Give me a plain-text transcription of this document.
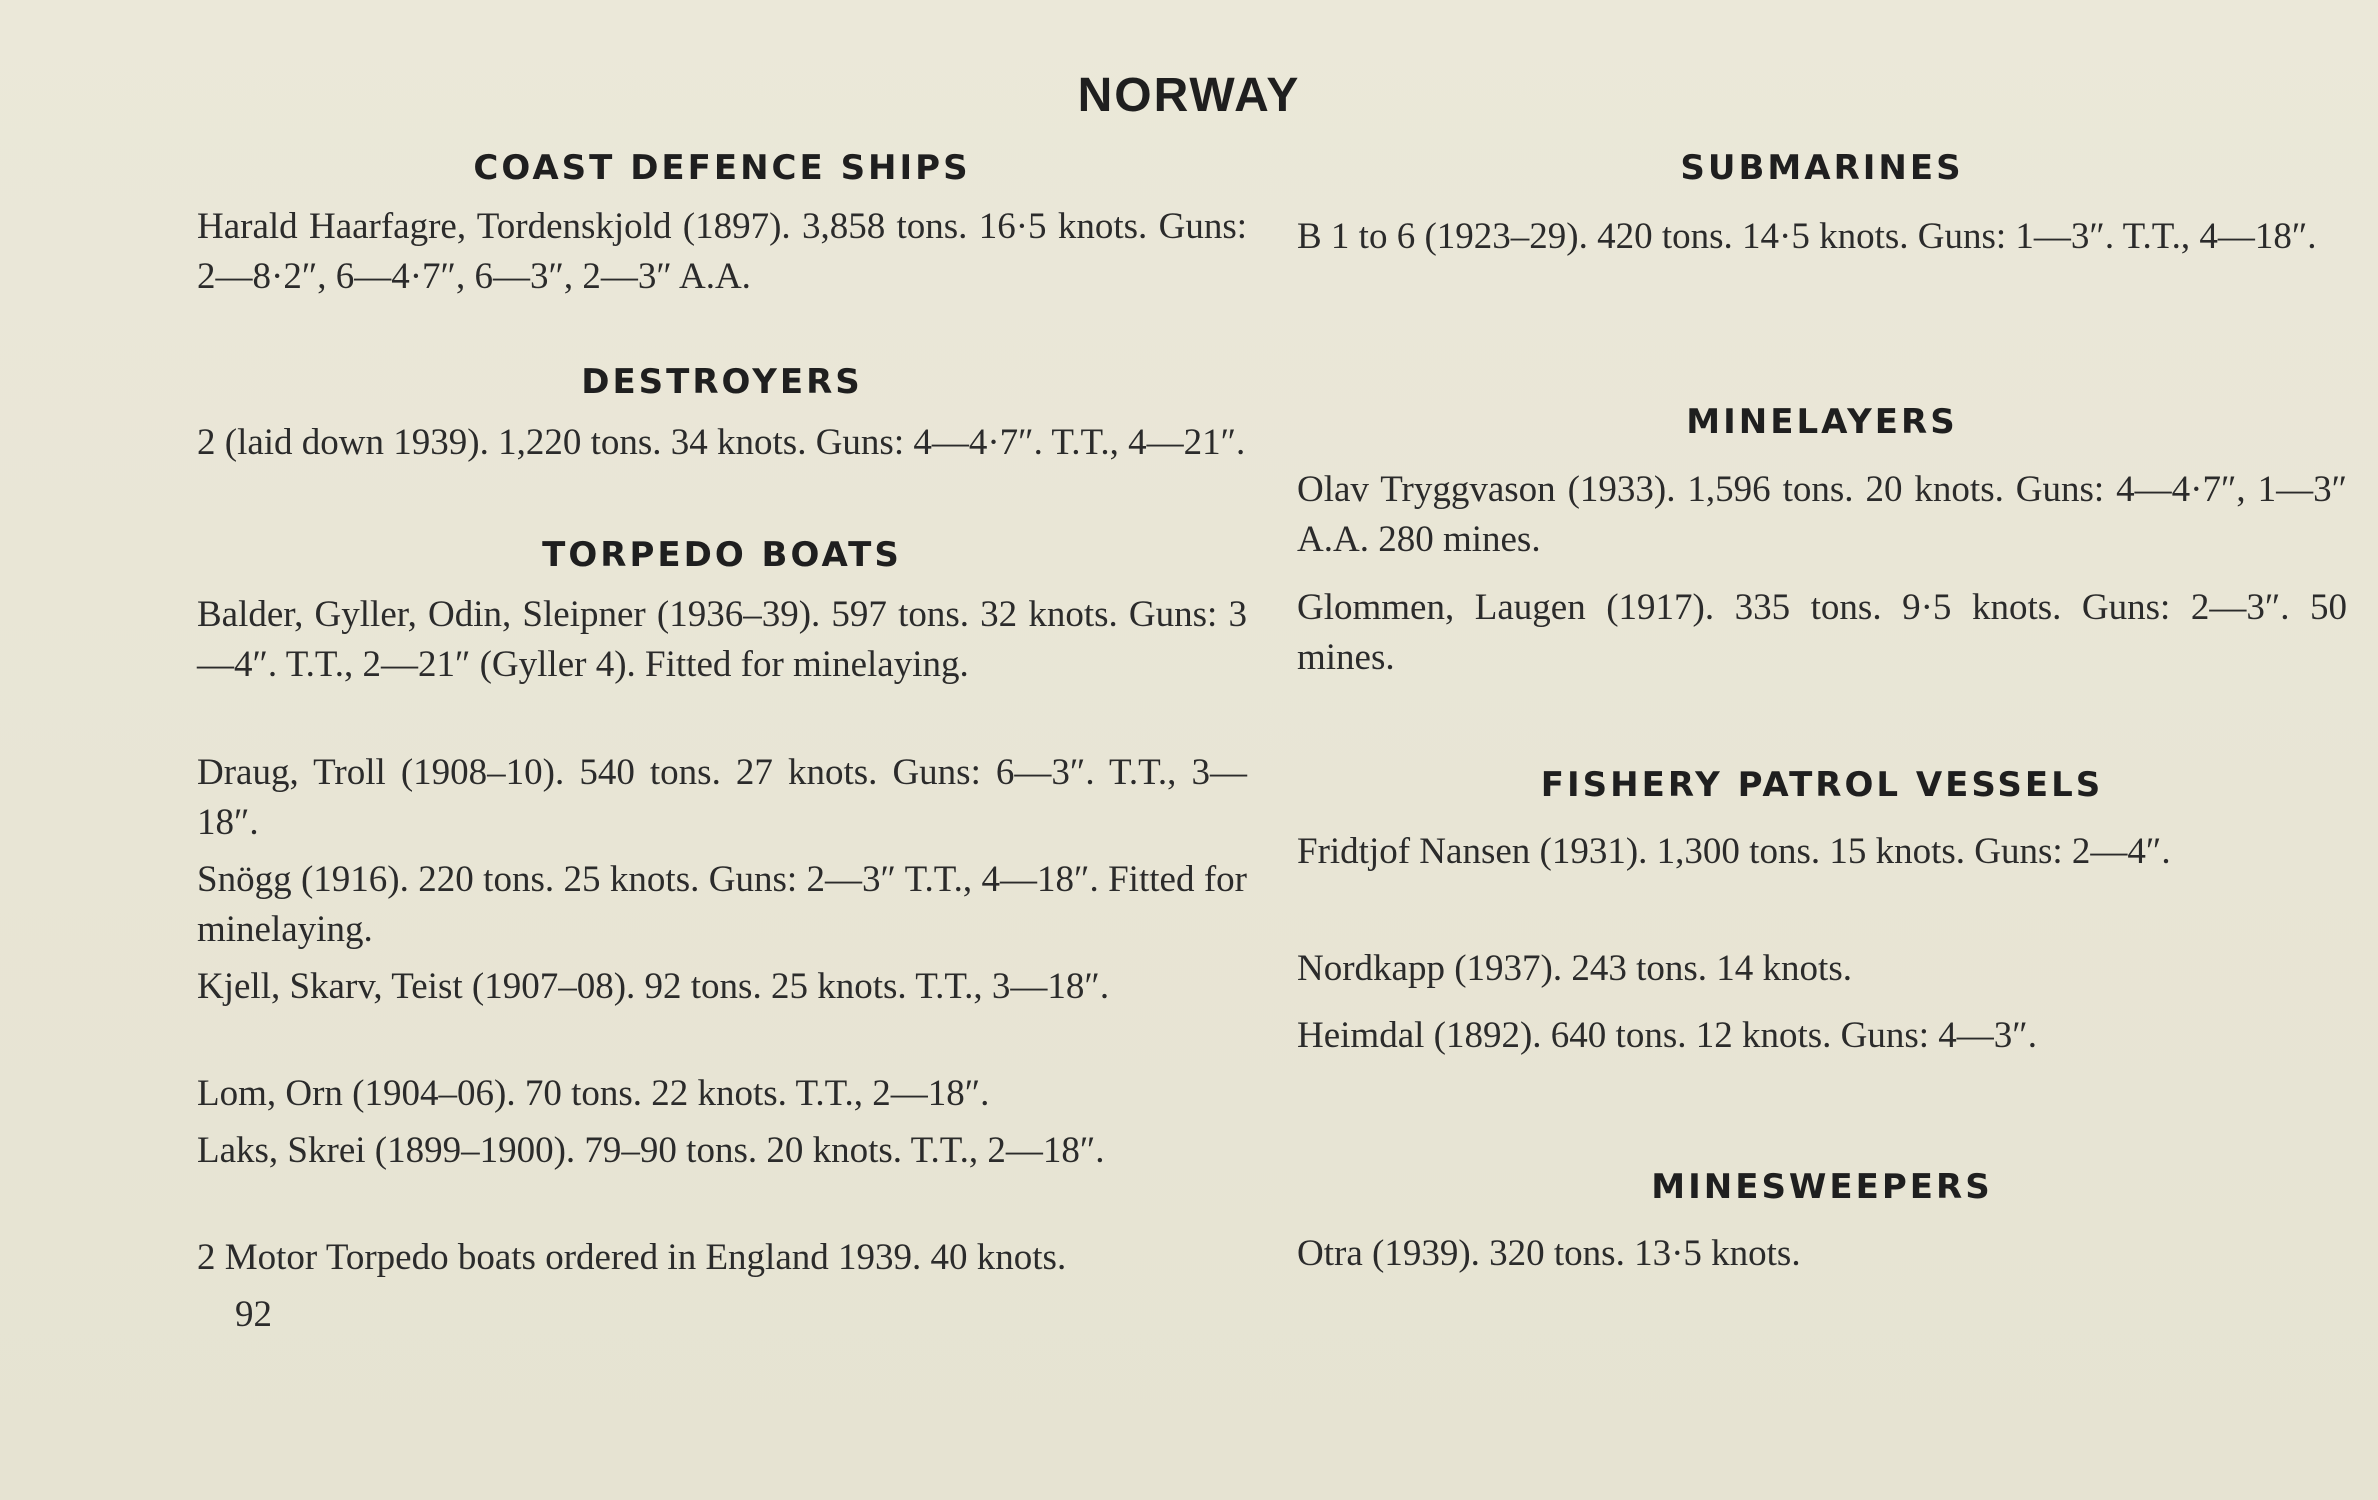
NORWAY
COAST DEFENCE SHIPS
Harald Haarfagre, Tordenskjold (1897). 3,858 tons. 16·5 knots. Guns: 2—8·2″, 6—4·7″, 6—3″, 2—3″ A.A.
DESTROYERS
2 (laid down 1939). 1,220 tons. 34 knots. Guns: 4—4·7″. T.T., 4—21″.
TORPEDO BOATS
Balder, Gyller, Odin, Sleipner (1936–39). 597 tons. 32 knots. Guns: 3—4″. T.T., 2—21″ (Gyller 4). Fitted for minelaying.
Draug, Troll (1908–10). 540 tons. 27 knots. Guns: 6—3″. T.T., 3—18″.
Snögg (1916). 220 tons. 25 knots. Guns: 2—3″ T.T., 4—18″. Fitted for minelaying.
Kjell, Skarv, Teist (1907–08). 92 tons. 25 knots. T.T., 3—18″.
Lom, Orn (1904–06). 70 tons. 22 knots. T.T., 2—18″.
Laks, Skrei (1899–1900). 79–90 tons. 20 knots. T.T., 2—18″.
2 Motor Torpedo boats ordered in England 1939. 40 knots.
SUBMARINES
B 1 to 6 (1923–29). 420 tons. 14·5 knots. Guns: 1—3″. T.T., 4—18″.
MINELAYERS
Olav Tryggvason (1933). 1,596 tons. 20 knots. Guns: 4—4·7″, 1—3″ A.A. 280 mines.
Glommen, Laugen (1917). 335 tons. 9·5 knots. Guns: 2—3″. 50 mines.
FISHERY PATROL VESSELS
Fridtjof Nansen (1931). 1,300 tons. 15 knots. Guns: 2—4″.
Nordkapp (1937). 243 tons. 14 knots.
Heimdal (1892). 640 tons. 12 knots. Guns: 4—3″.
MINESWEEPERS
Otra (1939). 320 tons. 13·5 knots.
92
